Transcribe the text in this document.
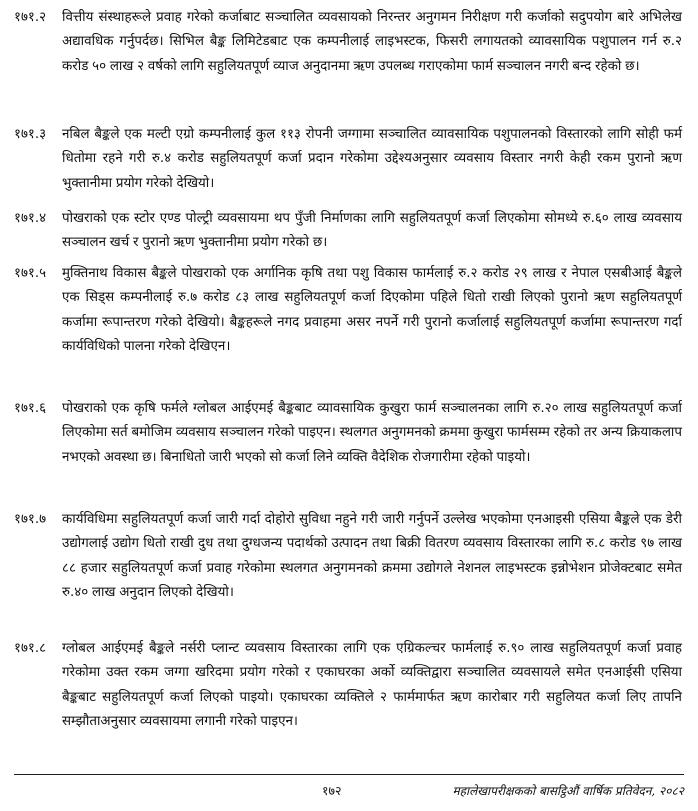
१७१.२	वित्तीय संस्थाहरूले प्रवाह गरेको कर्जाबाट सञ्चालित व्यवसायको निरन्तर अनुगमन निरीक्षण गरी कर्जाको सदुपयोग बारे अभिलेख अद्यावधिक गर्नुपर्दछ। सिभिल बैङ्क लिमिटेडबाट एक कम्पनीलाई लाइभस्टक, फिसरी लगायतको व्यावसायिक पशुपालन गर्न रु.२ करोड ५० लाख २ वर्षको लागि सहुलियतपूर्ण व्याज अनुदानमा ऋण उपलब्ध गराएकोमा फार्म सञ्चालन नगरी बन्द रहेको छ।
१७१.३	नबिल बैङ्कले एक मल्टी एग्रो कम्पनीलाई कुल ११३ रोपनी जग्गामा सञ्चालित व्यावसायिक पशुपालनको विस्तारको लागि सोही फर्म धितोमा रहने गरी रु.४ करोड सहुलियतपूर्ण कर्जा प्रदान गरेकोमा उद्देश्यअनुसार व्यवसाय विस्तार नगरी केही रकम पुरानो ऋण भुक्तानीमा प्रयोग गरेको देखियो।
१७१.४	पोखराको एक स्टोर एण्ड पोल्ट्री व्यवसायमा थप पुँजी निर्माणका लागि सहुलियतपूर्ण कर्जा लिएकोमा सोमध्ये रु.६० लाख व्यवसाय सञ्चालन खर्च र पुरानो ऋण भुक्तानीमा प्रयोग गरेको छ।
१७१.५	मुक्तिनाथ विकास बैङ्कले पोखराको एक अर्गानिक कृषि तथा पशु विकास फार्मलाई रु.२ करोड २९ लाख र नेपाल एसबीआई बैङ्कले एक सिड्स कम्पनीलाई रु.७ करोड ८३ लाख सहुलियतपूर्ण कर्जा दिएकोमा पहिले धितो राखी लिएको पुरानो ऋण सहुलियतपूर्ण कर्जामा रूपान्तरण गरेको देखियो। बैङ्कहरूले नगद प्रवाहमा असर नपर्ने गरी पुरानो कर्जालाई सहुलियतपूर्ण कर्जामा रूपान्तरण गर्दा कार्यविधिको पालना गरेको देखिएन।
१७१.६	पोखराको एक कृषि फर्मले ग्लोबल आईएमई बैङ्कबाट व्यावसायिक कुखुरा फार्म सञ्चालनका लागि रु.२० लाख सहुलियतपूर्ण कर्जा लिएकोमा सर्त बमोजिम व्यवसाय सञ्चालन गरेको पाइएन। स्थलगत अनुगमनको क्रममा कुखुरा फार्मसम्म रहेको तर अन्य क्रियाकलाप नभएको अवस्था छ। बिनाधितो जारी भएको सो कर्जा लिने व्यक्ति वैदेशिक रोजगारीमा रहेको पाइयो।
१७१.७	कार्यविधिमा सहुलियतपूर्ण कर्जा जारी गर्दा दोहोरो सुविधा नहुने गरी जारी गर्नुपर्ने उल्लेख भएकोमा एनआइसी एसिया बैङ्कले एक डेरी उद्योगलाई उद्योग धितो राखी दुध तथा दुग्धजन्य पदार्थको उत्पादन तथा बिक्री वितरण व्यवसाय विस्तारका लागि रु.८ करोड ९७ लाख ८८ हजार सहुलियतपूर्ण कर्जा प्रवाह गरेकोमा स्थलगत अनुगमनको क्रममा उद्योगले नेशनल लाइभस्टक इन्नोभेशन प्रोजेक्टबाट समेत रु.४० लाख अनुदान लिएको देखियो।
१७१.८	ग्लोबल आईएमई बैङ्कले नर्सरी प्लान्ट व्यवसाय विस्तारका लागि एक एग्रिकल्चर फार्मलाई रु.९० लाख सहुलियतपूर्ण कर्जा प्रवाह गरेकोमा उक्त रकम जग्गा खरिदमा प्रयोग गरेको र एकाघरका अर्को व्यक्तिद्वारा सञ्चालित व्यवसायले समेत एनआईसी एसिया बैङ्कबाट सहुलियतपूर्ण कर्जा लिएको पाइयो। एकाघरका व्यक्तिले २ फार्ममार्फत ऋण कारोबार गरी सहुलियत कर्जा लिए तापनि सम्झौताअनुसार व्यवसायमा लगानी गरेको पाइएन।
१७२	महालेखापरीक्षकको बासट्ठिऔं वार्षिक प्रतिवेदन, २०८२
